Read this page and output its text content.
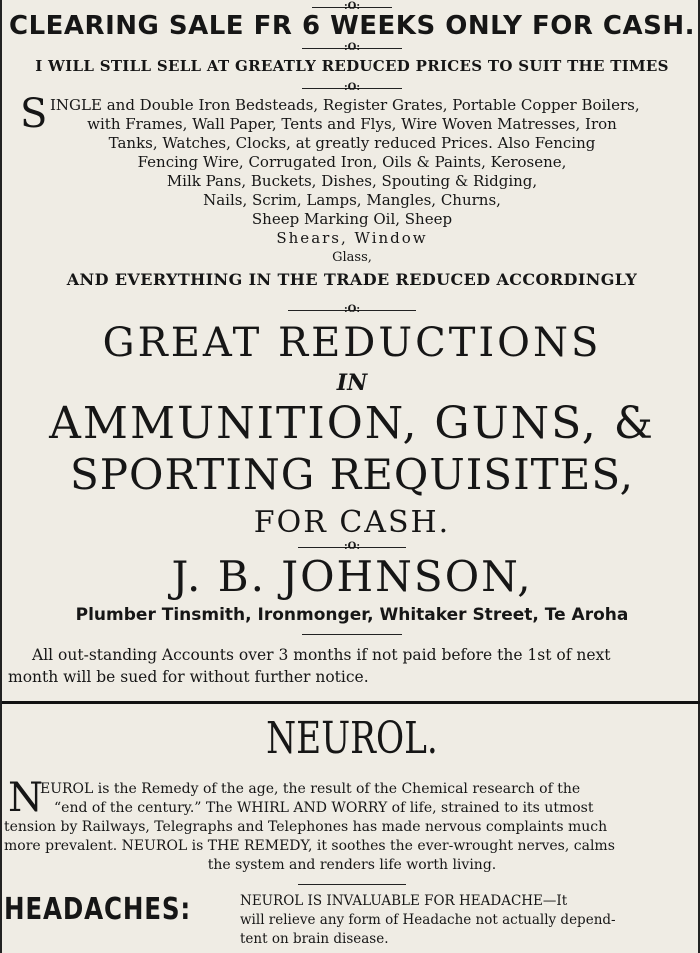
:O:
CLEARING SALE FR 6 WEEKS ONLY FOR CASH.
:O:
I WILL STILL SELL AT GREATLY REDUCED PRICES TO SUIT THE TIMES
:O:
S INGLE and Double Iron Bedsteads, Register Grates, Portable Copper Boilers,
with Frames, Wall Paper, Tents and Flys, Wire Woven Matresses, Iron
Tanks, Watches, Clocks, at greatly reduced Prices. Also Fencing
Fencing Wire, Corrugated Iron, Oils & Paints, Kerosene,
Milk Pans, Buckets, Dishes, Spouting & Ridging,
Nails, Scrim, Lamps, Mangles, Churns,
Sheep Marking Oil, Sheep
Shears, Window
Glass,
AND EVERYTHING IN THE TRADE REDUCED ACCORDINGLY
:O:
GREAT REDUCTIONS
IN
AMMUNITION, GUNS, &
SPORTING REQUISITES,
FOR CASH.
:O:
J. B. JOHNSON,
Plumber Tinsmith, Ironmonger, Whitaker Street, Te Aroha
All out-standing Accounts over 3 months if not paid before the 1st of next
month will be sued for without further notice.
NEUROL.
N
EUROL is the Remedy of the age, the result of the Chemical research of the
“end of the century.” The WHIRL AND WORRY of life, strained to its utmost
tension by Railways, Telegraphs and Telephones has made nervous complaints much
more prevalent. NEUROL is THE REMEDY, it soothes the ever-wrought nerves, calms
the system and renders life worth living.
HEADACHES:	NEUROL IS INVALUABLE FOR HEADACHE—It
will relieve any form of Headache not actually depend-
tent on brain disease.
